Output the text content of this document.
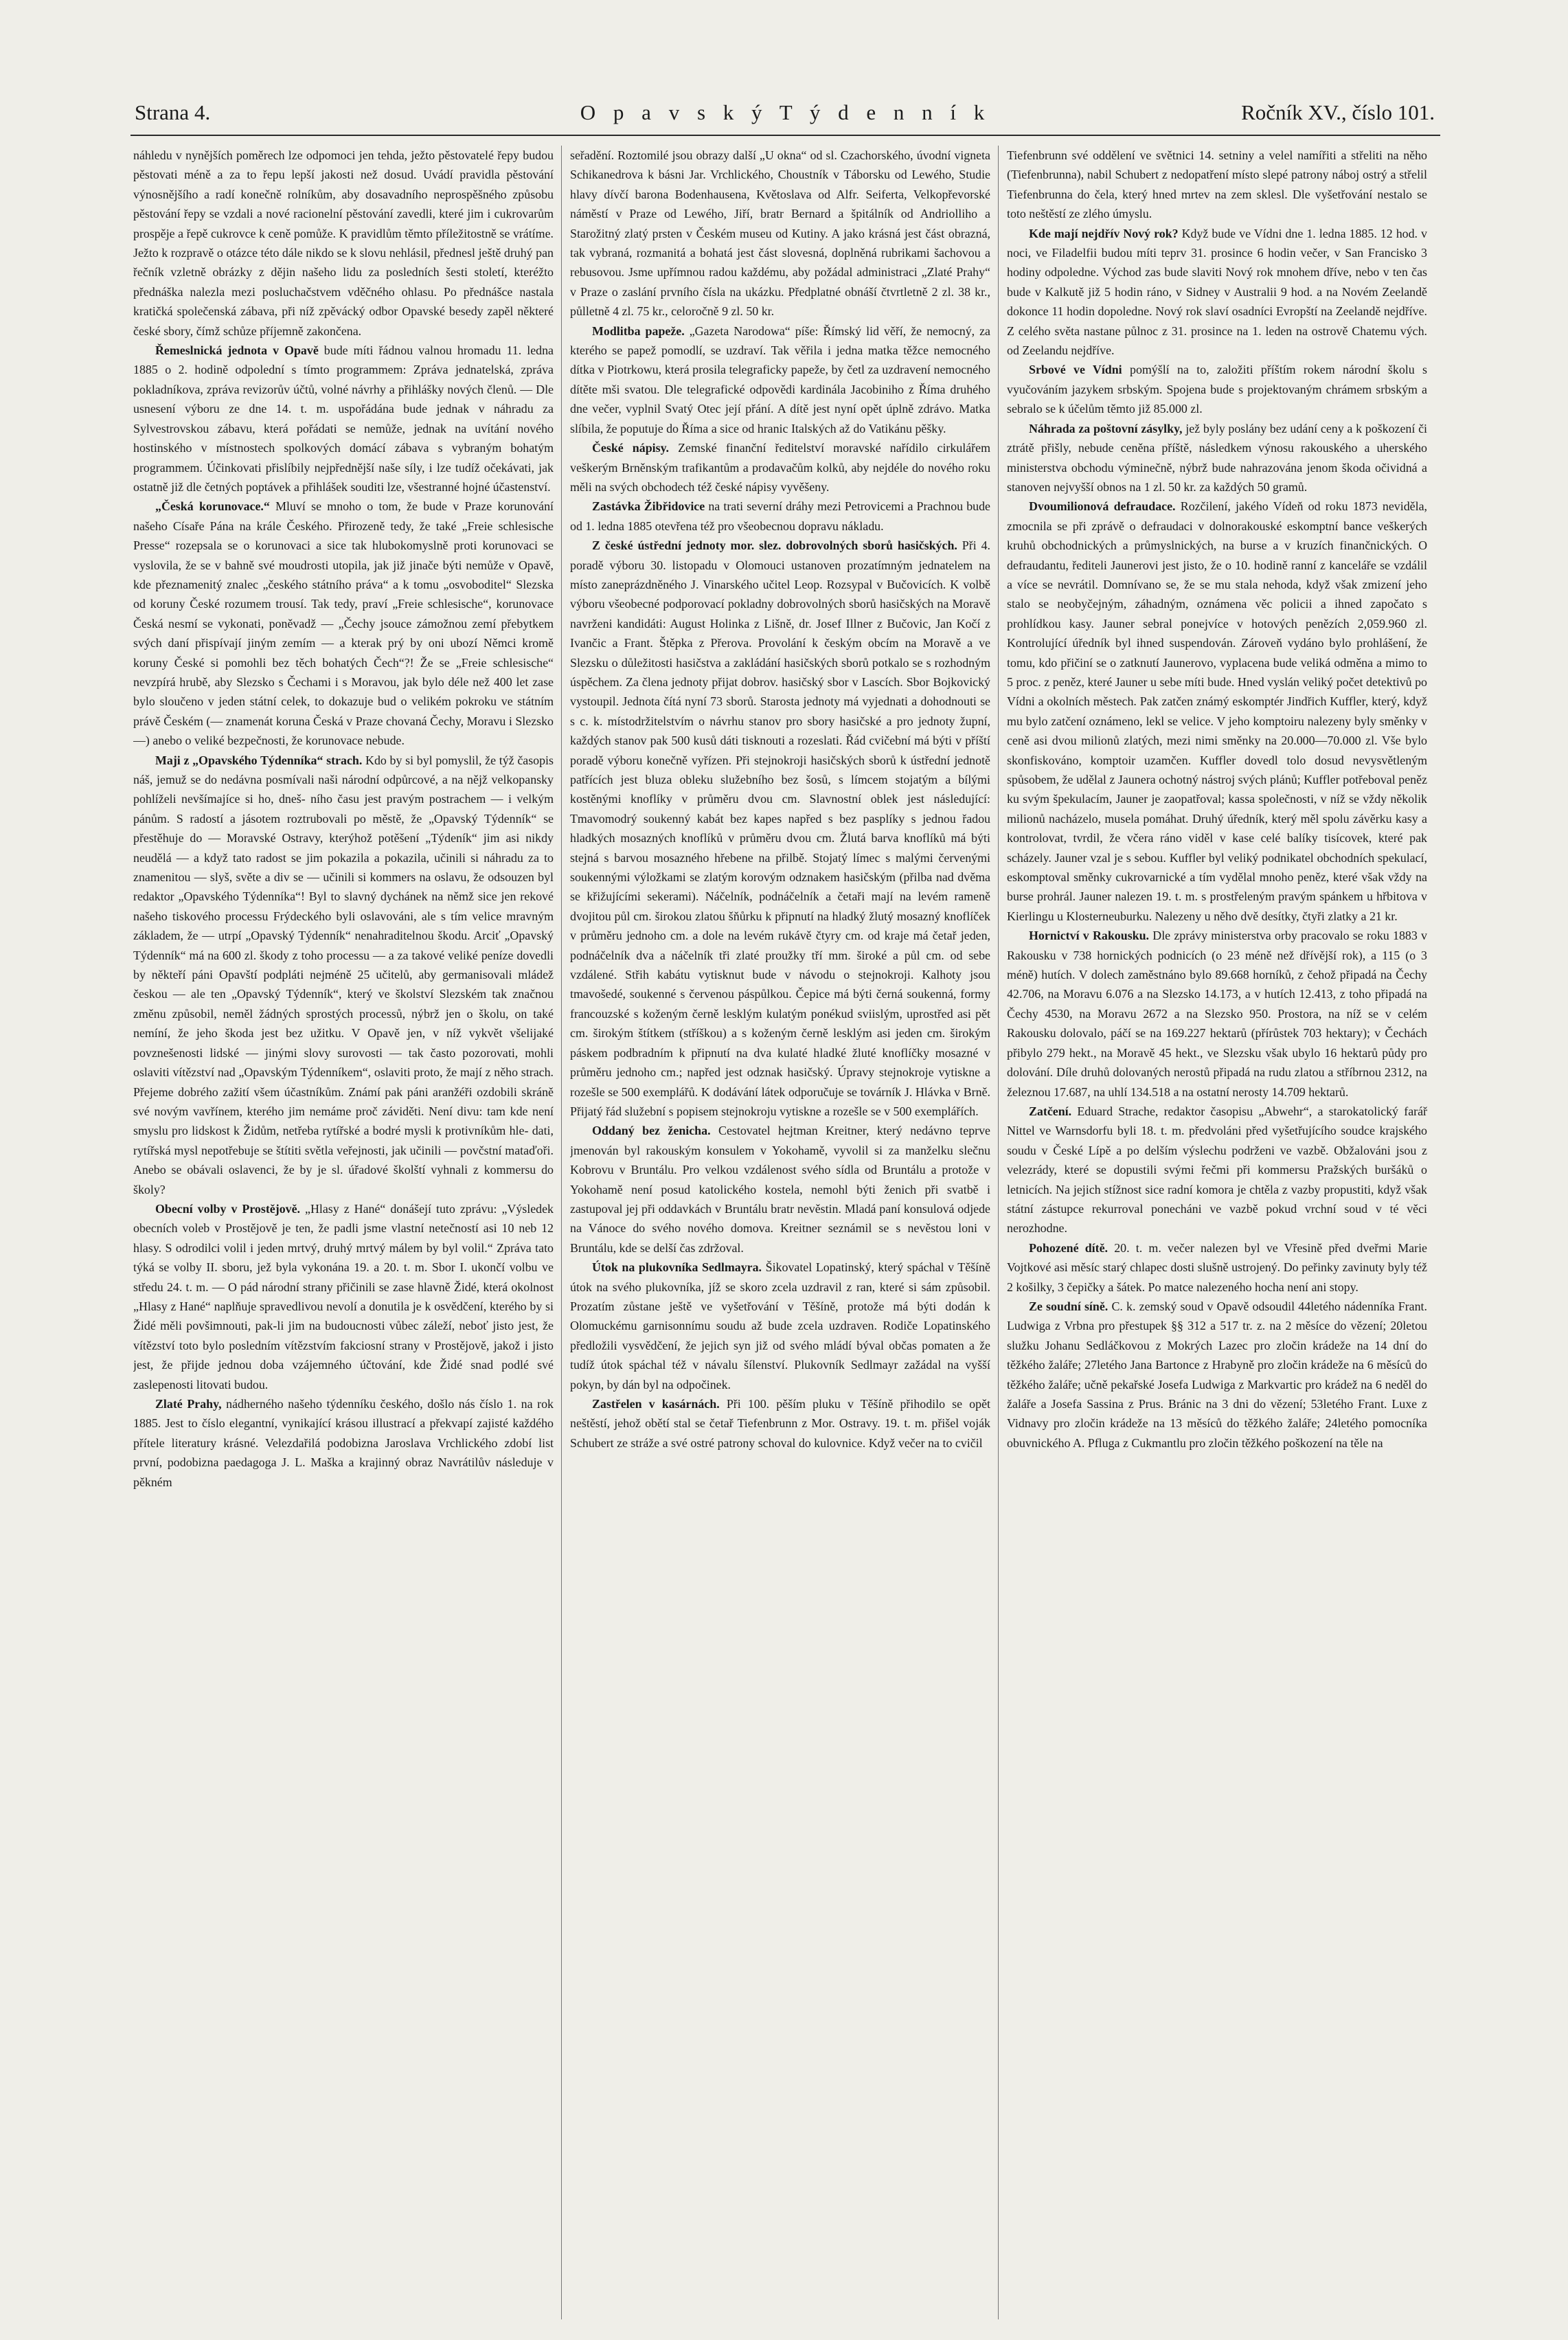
Strana 4.	O p a v s k ý T ý d e n n í k	Ročník XV., číslo 101.

náhledu v nynějších poměrech lze odpomoci jen tehda, ježto pěstovatelé řepy budou pěstovati méně a za to řepu lepší jakosti než dosud. Uvádí pravidla pěstování výnosnějšího a radí konečně rolníkům, aby dosavadního neprospěšného způsobu pěstování řepy se vzdali a nové racionelní pěstování zavedli, které jim i cukrovarům prospěje a řepě cukrovce k ceně pomůže. K pravidlům těmto příležitostně se vrátíme. Ježto k rozpravě o otázce této dále nikdo se k slovu nehlásil, přednesl ještě druhý pan řečník vzletně obrázky z dějin našeho lidu za posledních šesti století, kteréžto přednáška nalezla mezi posluchačstvem vděčného ohlasu. Po přednášce nastala kratičká společenská zábava, při níž zpěvácký odbor Opavské besedy zapěl některé české sbory, čímž schůze příjemně zakončena.

Řemeslnická jednota v Opavě bude míti řádnou valnou hromadu 11. ledna 1885 o 2. hodině odpolední s tímto programmem: Zpráva jednatelská, zpráva pokladníkova, zpráva revizorův účtů, volné návrhy a přihlášky nových členů. — Dle usnesení výboru ze dne 14. t. m. uspořádána bude jednak v náhradu za Sylvestrovskou zábavu, která pořádati se nemůže, jednak na uvítání nového hostinského v místnostech spolkových domácí zábava s vybraným bohatým programmem. Účinkovati přislíbily nejpřednější naše síly, i lze tudíž očekávati, jak ostatně již dle četných poptávek a přihlášek souditi lze, všestranné hojné účastenství.

„Česká korunovace.“ Mluví se mnoho o tom, že bude v Praze korunování našeho Císaře Pána na krále Českého. Přirozeně tedy, že také „Freie schlesische Presse“ rozepsala se o korunovaci a sice tak hlubokomyslně proti korunovaci se vyslovila, že se v bahně své moudrosti utopila, jak již jinače býti nemůže v Opavě, kde přeznamenitý znalec „českého státního práva“ a k tomu „osvoboditel“ Slezska od koruny České rozumem trousí. Tak tedy, praví „Freie schlesische“, korunovace Česká nesmí se vykonati, poněvadž — „Čechy jsouce zámožnou zemí přebytkem svých daní přispívají jiným zemím — a kterak prý by oni ubozí Němci kromě koruny České si pomohli bez těch bohatých Čech“?! Že se „Freie schlesische“ nevzpírá hrubě, aby Slezsko s Čechami i s Moravou, jak bylo déle než 400 let zase bylo sloučeno v jeden státní celek, to dokazuje bud o velikém pokroku ve státním právě Českém (— znamenát koruna Česká v Praze chovaná Čechy, Moravu i Slezsko —) anebo o veliké bezpečnosti, že korunovace nebude.

Maji z „Opavského Týdenníka“ strach. Kdo by si byl pomyslil, že týž časopis náš, jemuž se do nedávna posmívali naši národní odpůrcové, a na nějž velkopansky pohlíželi nevšímajíce si ho, dneš- ního času jest pravým postrachem — i velkým pánům. S radostí a jásotem roztrubovali po městě, že „Opavský Týdenník“ se přestěhuje do — Moravské Ostravy, kterýhož potěšení „Týdeník“ jim asi nikdy neudělá — a když tato radost se jim pokazila a pokazila, učinili si náhradu za to znamenitou — slyš, světe a div se — učinili si kommers na oslavu, že odsouzen byl redaktor „Opavského Týdenníka“! Byl to slavný dychánek na němž sice jen rekové našeho tiskového processu Frýdeckého byli oslavováni, ale s tím velice mravným základem, že — utrpí „Opavský Týdenník“ nenahraditelnou škodu. Arciť „Opavský Týdenník“ má na 600 zl. škody z toho processu — a za takové veliké peníze dovedli by někteří páni Opavští podpláti nejméně 25 učitelů, aby germanisovali mládež českou — ale ten „Opavský Týdenník“, který ve školství Slezském tak značnou změnu způsobil, neměl žádných sprostých processů, nýbrž jen o školu, on také nemíní, že jeho škoda jest bez užitku. V Opavě jen, v níž vykvět všelijaké povznešenosti lidské — jinými slovy surovosti — tak často pozorovati, mohli oslaviti vítězství nad „Opavským Týdenníkem“, oslaviti proto, že mají z něho strach. Přejeme dobrého zažití všem účastníkům. Známí pak páni aranžéři ozdobili skráně své novým vavřínem, kterého jim nemáme proč záviděti. Není divu: tam kde není smyslu pro lidskost k Židům, netřeba rytířské a bodré mysli k protivníkům hle- dati, rytířská mysl nepotřebuje se štítiti světla veřejnosti, jak učinili — povčstní mataďoři. Anebo se obávali oslavenci, že by je sl. úřadové školští vyhnali z kommersu do školy?

Obecní volby v Prostějově. „Hlasy z Hané“ donášejí tuto zprávu: „Výsledek obecních voleb v Prostějově je ten, že padli jsme vlastní netečností asi 10 neb 12 hlasy. S odrodilci volil i jeden mrtvý, druhý mrtvý málem by byl volil.“ Zpráva tato týká se volby II. sboru, jež byla vykonána 19. a 20. t. m. Sbor I. ukončí volbu ve středu 24. t. m. — O pád národní strany přičinili se zase hlavně Židé, která okolnost „Hlasy z Hané“ naplňuje spravedlivou nevolí a donutila je k osvědčení, kterého by si Židé měli povšimnouti, pak-li jim na budoucnosti vůbec záleží, neboť jisto jest, že vítězství toto bylo posledním vítězstvím fakciosní strany v Prostějově, jakož i jisto jest, že přijde jednou doba vzájemného účtování, kde Židé snad podlé své zaslepenosti litovati budou.

Zlaté Prahy, nádherného našeho týdenníku českého, došlo nás číslo 1. na rok 1885. Jest to číslo elegantní, vynikající krásou illustrací a překvapí zajisté každého přítele literatury krásné. Velezdařilá podobizna Jaroslava Vrchlického zdobí list první, podobizna paedagoga J. L. Maška a krajinný obraz Navrátilův následuje v pěkném

seřadění. Roztomilé jsou obrazy další „U okna“ od sl. Czachorského, úvodní vigneta Schikanedrova k básni Jar. Vrchlického, Choustník v Táborsku od Lewého, Studie hlavy dívčí barona Bodenhausena, Květoslava od Alfr. Seiferta, Velkopřevorské náměstí v Praze od Lewého, Jiří, bratr Bernard a špitálník od Andriolliho a Starožitný zlatý prsten v Českém museu od Kutiny. A jako krásná jest část obrazná, tak vybraná, rozmanitá a bohatá jest část slovesná, doplněná rubrikami šachovou a rebusovou. Jsme upřímnou radou každému, aby požádal administraci „Zlaté Prahy“ v Praze o zaslání prvního čísla na ukázku. Předplatné obnáší čtvrtletně 2 zl. 38 kr., půlletně 4 zl. 75 kr., celoročně 9 zl. 50 kr.

Modlitba papeže. „Gazeta Narodowa“ píše: Římský lid věří, že nemocný, za kterého se papež pomodlí, se uzdraví. Tak věřila i jedna matka těžce nemocného dítka v Piotrkowu, která prosila telegraficky papeže, by četl za uzdravení nemocného dítěte mši svatou. Dle telegrafické odpovědi kardinála Jacobiniho z Říma druhého dne večer, vyplnil Svatý Otec její přání. A dítě jest nyní opět úplně zdrávo. Matka slíbila, že poputuje do Říma a sice od hranic Italských až do Vatikánu pěšky.

České nápisy. Zemské finanční ředitelství moravské nařídilo cirkulářem veškerým Brněnským trafikantům a prodavačům kolků, aby nejdéle do nového roku měli na svých obchodech též české nápisy vyvěšeny.

Zastávka Žibřidovice na trati severní dráhy mezi Petrovicemi a Prachnou bude od 1. ledna 1885 otevřena též pro všeobecnou dopravu nákladu.

Z české ústřední jednoty mor. slez. dobrovolných sborů hasičských. Při 4. poradě výboru 30. listopadu v Olomouci ustanoven prozatímným jednatelem na místo zaneprázdněného J. Vinarského učitel Leop. Rozsypal v Bučovicích. K volbě výboru všeobecné podporovací pokladny dobrovolných sborů hasičských na Moravě navrženi kandidáti: August Holinka z Lišně, dr. Josef Illner z Bučovic, Jan Kočí z Ivančic a Frant. Štěpka z Přerova. Provolání k českým obcím na Moravě a ve Slezsku o důležitosti hasičstva a zakládání hasičských sborů potkalo se s rozhodným úspěchem. Za člena jednoty přijat dobrov. hasičský sbor v Lascích. Sbor Bojkovický vystoupil. Jednota čítá nyní 73 sborů. Starosta jednoty má vyjednati a dohodnouti se s c. k. místodržitelstvím o návrhu stanov pro sbory hasičské a pro jednoty župní, každých stanov pak 500 kusů dáti tisknouti a rozeslati. Řád cvičební má býti v příští poradě výboru konečně vyřízen. Při stejnokroji hasičských sborů k ústřední jednotě patřících jest bluza obleku služebního bez šosů, s límcem stojatým a bílými kostěnými knoflíky v průměru dvou cm. Slavnostní oblek jest následující: Tmavomodrý soukenný kabát bez kapes napřed s bez pasplíky s jednou řadou hladkých mosazných knoflíků v průměru dvou cm. Žlutá barva knoflíků má býti stejná s barvou mosazného hřebene na přilbě. Stojatý límec s malými červenými soukennými výložkami se zlatým korovým odznakem hasičským (přilba nad dvěma se křižujícími sekerami). Náčelník, podnáčelník a četaři mají na levém rameně dvojitou půl cm. širokou zlatou šňůrku k připnutí na hladký žlutý mosazný knoflíček v průměru jednoho cm. a dole na levém rukávě čtyry cm. od kraje má četař jeden, podnáčelník dva a náčelník tři zlaté proužky tří mm. široké a půl cm. od sebe vzdálené. Střih kabátu vytisknut bude v návodu o stejnokroji. Kalhoty jsou tmavošedé, soukenné s červenou páspůlkou. Čepice má býti černá soukenná, formy francouzské s koženým černě lesklým kulatým ponékud sviislým, uprostřed asi pět cm. širokým štítkem (stříškou) a s koženým černě lesklým asi jeden cm. širokým páskem podbradním k připnutí na dva kulaté hladké žluté knoflíčky mosazné v průměru jednoho cm.; napřed jest odznak hasičský. Úpravy stejnokroje vytiskne a rozešle se 500 exemplářů. K dodávání látek odporučuje se továrník J. Hlávka v Brně. Přijatý řád služební s popisem stejnokroju vytiskne a rozešle se v 500 exemplářích.

Oddaný bez ženicha. Cestovatel hejtman Kreitner, který nedávno teprve jmenován byl rakouským konsulem v Yokohamě, vyvolil si za manželku slečnu Kobrovu v Bruntálu. Pro velkou vzdálenost svého sídla od Bruntálu a protože v Yokohamě není posud katolického kostela, nemohl býti ženich při svatbě i zastupoval jej při oddavkách v Bruntálu bratr nevěstin. Mladá paní konsulová odjede na Vánoce do svého nového domova. Kreitner seznámil se s nevěstou loni v Bruntálu, kde se delší čas zdržoval.

Útok na plukovníka Sedlmayra. Šikovatel Lopatinský, který spáchal v Těšíně útok na svého plukovníka, jíž se skoro zcela uzdravil z ran, které si sám způsobil. Prozatím zůstane ještě ve vyšetřování v Těšíně, protože má býti dodán k Olomuckému garnisonnímu soudu až bude zcela uzdraven. Rodiče Lopatinského předložili vysvědčení, že jejich syn již od svého mládí býval občas pomaten a že tudíž útok spáchal též v návalu šílenství. Plukovník Sedlmayr zažádal na vyšší pokyn, by dán byl na odpočinek.

Zastřelen v kasárnách. Při 100. pěším pluku v Těšíně přihodilo se opět neštěstí, jehož obětí stal se četař Tiefenbrunn z Mor. Ostravy. 19. t. m. přišel voják Schubert ze stráže a své ostré patrony schoval do kulovnice. Když večer na to cvičil

Tiefenbrunn své oddělení ve světnici 14. setniny a velel namířiti a střeliti na něho (Tiefenbrunna), nabil Schubert z nedopatření místo slepé patrony náboj ostrý a střelil Tiefenbrunna do čela, který hned mrtev na zem sklesl. Dle vyšetřování nestalo se toto neštěstí ze zlého úmyslu.

Kde mají nejdřív Nový rok? Když bude ve Vídni dne 1. ledna 1885. 12 hod. v noci, ve Filadelfii budou míti teprv 31. prosince 6 hodin večer, v San Francisko 3 hodiny odpoledne. Východ zas bude slaviti Nový rok mnohem dříve, nebo v ten čas bude v Kalkutě již 5 hodin ráno, v Sidney v Australii 9 hod. a na Novém Zeelandě dokonce 11 hodin dopoledne. Nový rok slaví osadníci Evropští na Zeelandě nejdříve. Z celého světa nastane půlnoc z 31. prosince na 1. leden na ostrově Chatemu vých. od Zeelandu nejdříve.

Srbové ve Vídni pomýšlí na to, založiti příštím rokem národní školu s vyučováním jazykem srbským. Spojena bude s projektovaným chrámem srbským a sebralo se k účelům těmto již 85.000 zl.

Náhrada za poštovní zásylky, jež byly poslány bez udání ceny a k poškození či ztrátě přišly, nebude ceněna příště, následkem výnosu rakouského a uherského ministerstva obchodu výminečně, nýbrž bude nahrazována jenom škoda očividná a stanoven nejvyšší obnos na 1 zl. 50 kr. za každých 50 gramů.

Dvoumilionová defraudace. Rozčilení, jakého Vídeň od roku 1873 neviděla, zmocnila se při zprávě o defraudaci v dolnorakouské eskomptní bance veškerých kruhů obchodnických a průmyslnických, na burse a v kruzích finančnických. O defraudantu, řediteli Jaunerovi jest jisto, že o 10. hodině ranní z kanceláře se vzdálil a více se nevrátil. Domnívano se, že se mu stala nehoda, když však zmizení jeho stalo se neobyčejným, záhadným, oznámena věc policii a ihned započato s prohlídkou kasy. Jauner sebral ponejvíce v hotových penězích 2,059.960 zl. Kontrolující úředník byl ihned suspendován. Zároveň vydáno bylo prohlášení, že tomu, kdo přičiní se o zatknutí Jaunerovo, vyplacena bude veliká odměna a mimo to 5 proc. z peněz, které Jauner u sebe míti bude. Hned vyslán veliký počet detektivů po Vídni a okolních městech. Pak zatčen známý eskomptér Jindřich Kuffler, který, když mu bylo zatčení oznámeno, lekl se velice. V jeho komptoiru nalezeny byly směnky v ceně asi dvou milionů zlatých, mezi nimi směnky na 20.000—70.000 zl. Vše bylo skonfiskováno, komptoir uzamčen. Kuffler dovedl tolo dosud nevysvětleným spůsobem, že udělal z Jaunera ochotný nástroj svých plánů; Kuffler potřeboval peněz ku svým špekulacím, Jauner je zaopatřoval; kassa společnosti, v níž se vždy několik milionů nacházelo, musela pomáhat. Druhý úředník, který měl spolu závěrku kasy a kontrolovat, tvrdil, že včera ráno viděl v kase celé balíky tisícovek, které pak scházely. Jauner vzal je s sebou. Kuffler byl veliký podnikatel obchodních spekulací, eskomptoval směnky cukrovarnické a tím vydělal mnoho peněz, které však vždy na burse prohrál. Jauner nalezen 19. t. m. s prostřeleným pravým spánkem u hřbitova v Kierlingu u Klosterneuburku. Nalezeny u něho dvě desítky, čtyři zlatky a 21 kr.

Hornictví v Rakousku. Dle zprávy ministerstva orby pracovalo se roku 1883 v Rakousku v 738 hornických podnicích (o 23 méně než dřívější rok), a 115 (o 3 méně) hutích. V dolech zaměstnáno bylo 89.668 horníků, z čehož připadá na Čechy 42.706, na Moravu 6.076 a na Slezsko 14.173, a v hutích 12.413, z toho připadá na Čechy 4530, na Moravu 2672 a na Slezsko 950. Prostora, na níž se v celém Rakousku dolovalo, páčí se na 169.227 hektarů (přírůstek 703 hektary); v Čechách přibylo 279 hekt., na Moravě 45 hekt., ve Slezsku však ubylo 16 hektarů půdy pro dolování. Díle druhů dolovaných nerostů připadá na rudu zlatou a stříbrnou 2312, na železnou 17.687, na uhlí 134.518 a na ostatní nerosty 14.709 hektarů.

Zatčení. Eduard Strache, redaktor časopisu „Abwehr“, a starokatolický farář Nittel ve Warnsdorfu byli 18. t. m. předvoláni před vyšetřujícího soudce krajského soudu v České Lípě a po delším výslechu podrženi ve vazbě. Obžalováni jsou z velezrády, které se dopustili svými řečmi při kommersu Pražských buršáků o letnicích. Na jejich stížnost sice radní komora je chtěla z vazby propustiti, když však státní zástupce rekurroval ponecháni ve vazbě pokud vrchní soud v té věci nerozhodne.

Pohozené dítě. 20. t. m. večer nalezen byl ve Vřesině před dveřmi Marie Vojtkové asi měsíc starý chlapec dosti slušně ustrojený. Do peřinky zavinuty byly též 2 košilky, 3 čepičky a šátek. Po matce nalezeného hocha není ani stopy.

Ze soudní síně. C. k. zemský soud v Opavě odsoudil 44letého nádenníka Frant. Ludwiga z Vrbna pro přestupek §§ 312 a 517 tr. z. na 2 měsíce do vězení; 20letou služku Johanu Sedláčkovou z Mokrých Lazec pro zločin krádeže na 14 dní do těžkého žaláře; 27letého Jana Bartonce z Hrabyně pro zločin krádeže na 6 měsíců do těžkého žaláře; učně pekařské Josefa Ludwiga z Markvartic pro krádež na 6 neděl do žaláře a Josefa Sassina z Prus. Bránic na 3 dni do vězení; 53letého Frant. Luxe z Vidnavy pro zločin krádeže na 13 měsíců do těžkého žaláře; 24letého pomocníka obuvnického A. Pfluga z Cukmantlu pro zločin těžkého poškození na těle na
